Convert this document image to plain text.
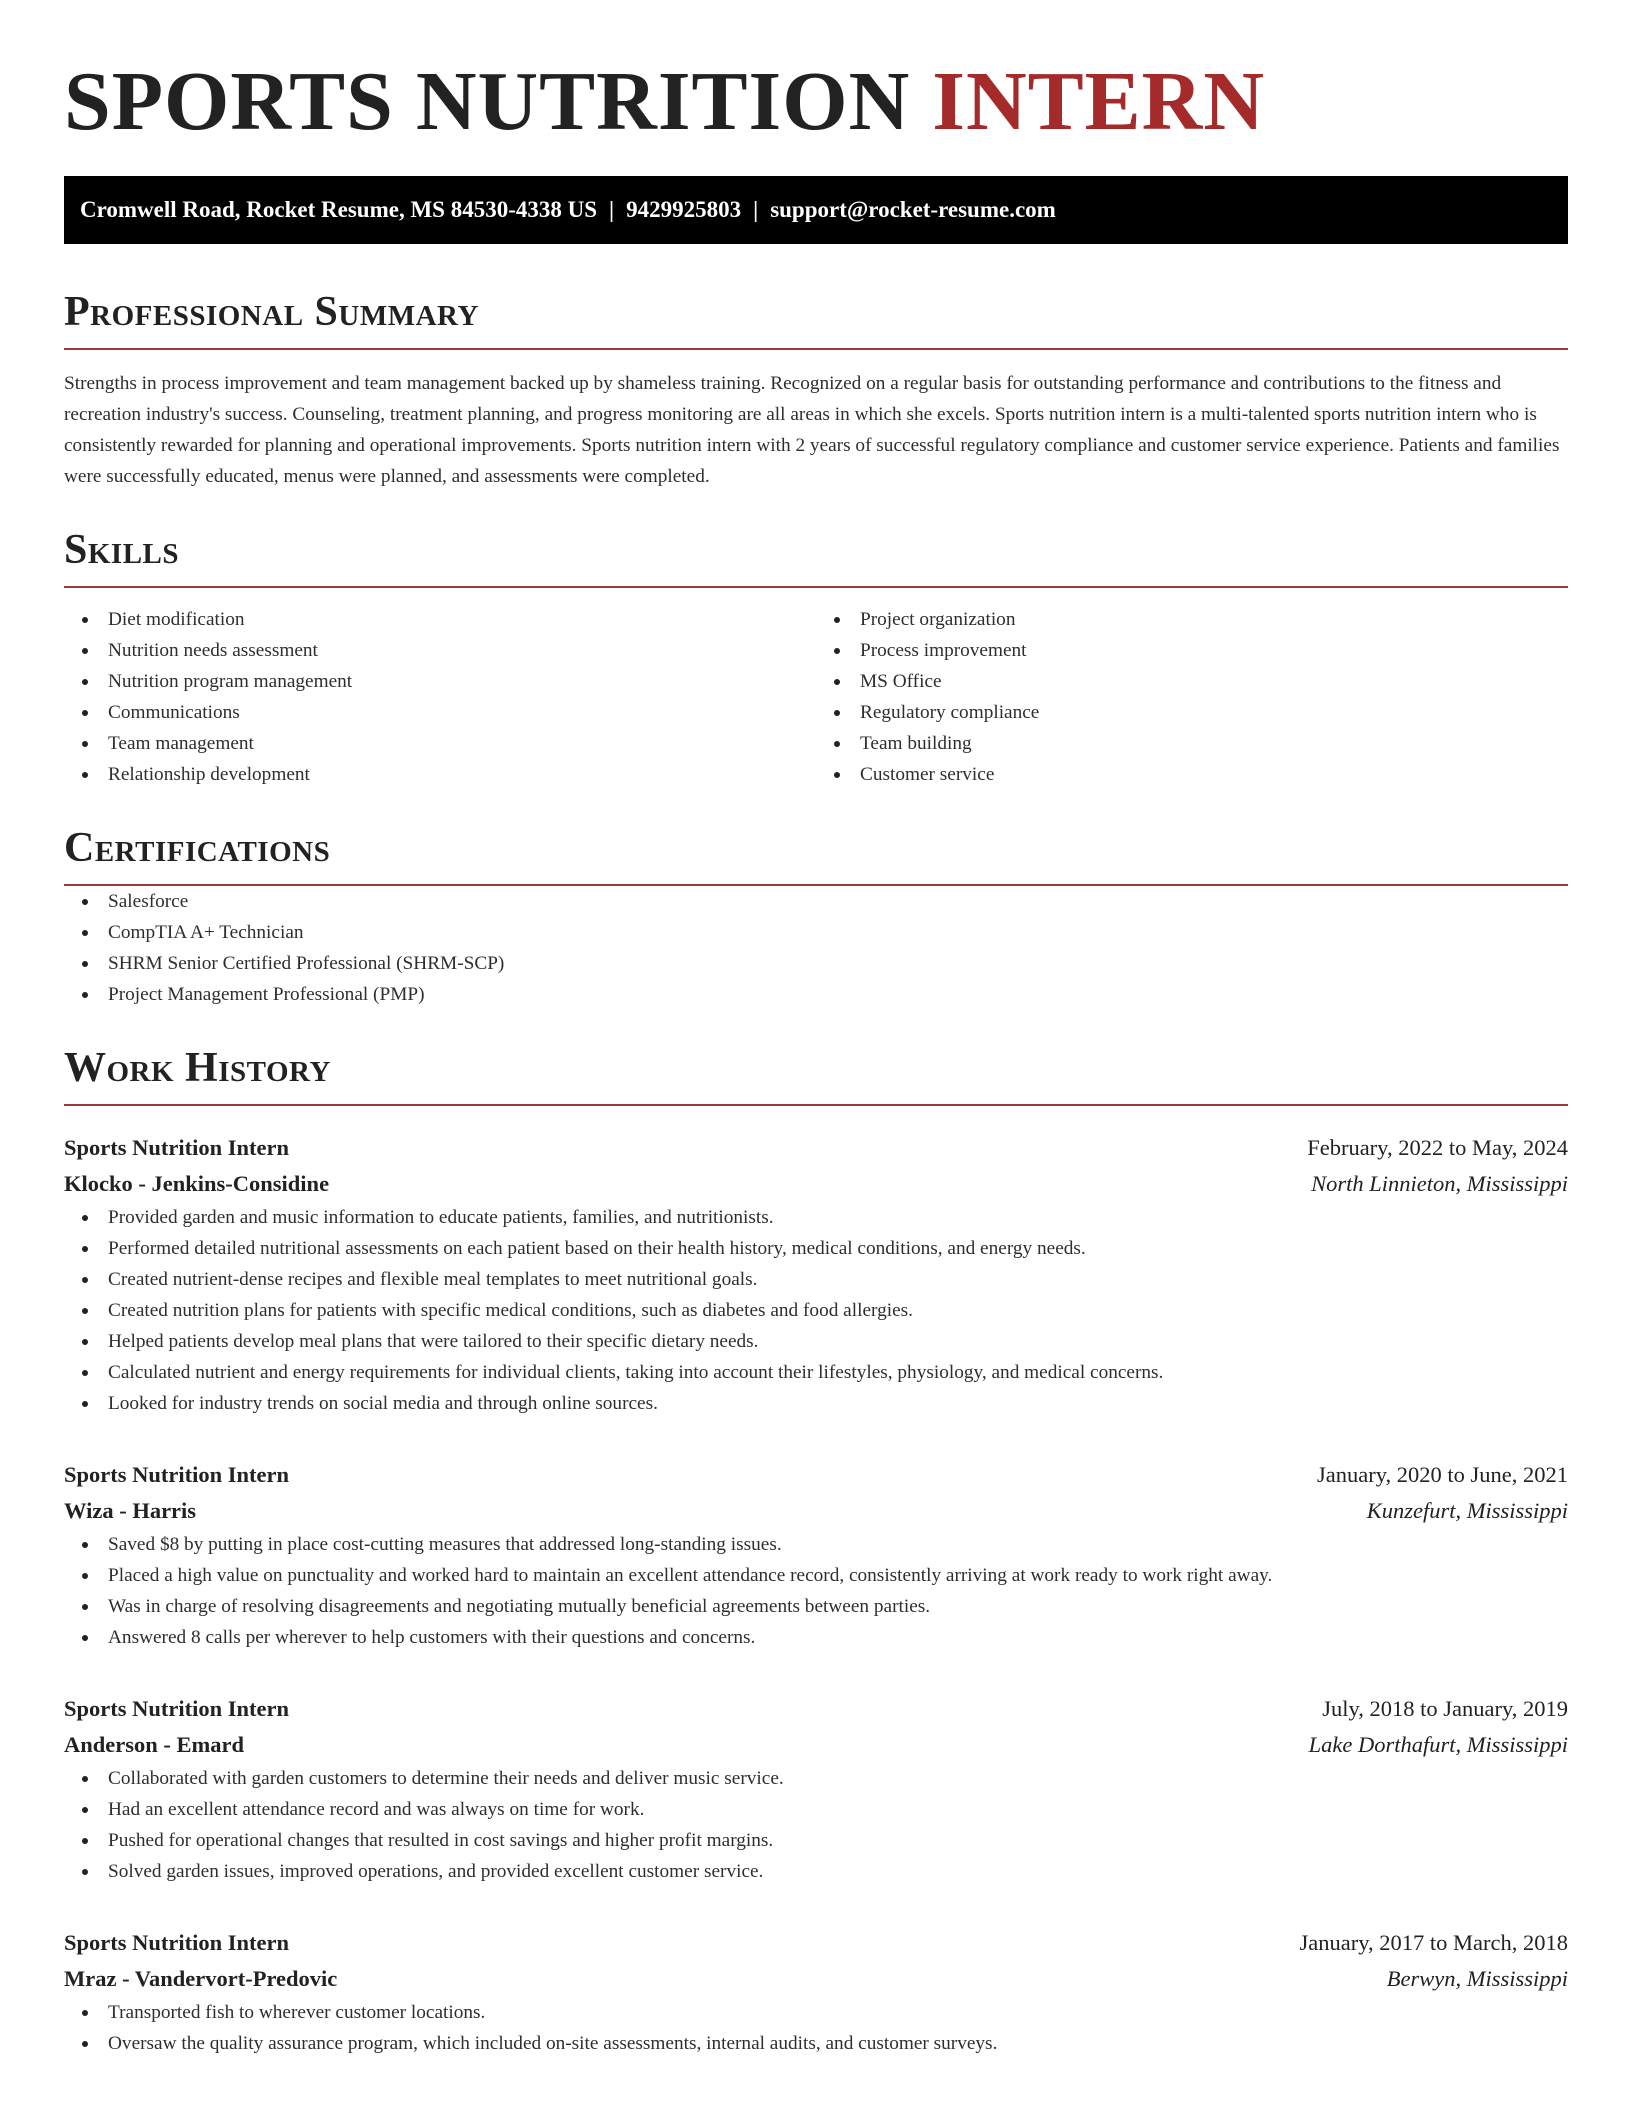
SPORTS NUTRITION INTERN
Cromwell Road, Rocket Resume, MS 84530-4338 US | 9429925803 | support@rocket-resume.com
Professional Summary

Strengths in process improvement and team management backed up by shameless training. Recognized on a regular basis for outstanding performance and contributions to the fitness and recreation industry's success. Counseling, treatment planning, and progress monitoring are all areas in which she excels. Sports nutrition intern is a multi-talented sports nutrition intern who is consistently rewarded for planning and operational improvements. Sports nutrition intern with 2 years of successful regulatory compliance and customer service experience. Patients and families were successfully educated, menus were planned, and assessments were completed.

Skills
Diet modification
Nutrition needs assessment
Nutrition program management
Communications
Team management
Relationship development
Project organization
Process improvement
MS Office
Regulatory compliance
Team building
Customer service
Certifications
Salesforce
CompTIA A+ Technician
SHRM Senior Certified Professional (SHRM-SCP)
Project Management Professional (PMP)
Work History
Sports Nutrition Intern	February, 2022 to May, 2024
Klocko - Jenkins-Considine	North Linnieton, Mississippi
Provided garden and music information to educate patients, families, and nutritionists.
Performed detailed nutritional assessments on each patient based on their health history, medical conditions, and energy needs.
Created nutrient-dense recipes and flexible meal templates to meet nutritional goals.
Created nutrition plans for patients with specific medical conditions, such as diabetes and food allergies.
Helped patients develop meal plans that were tailored to their specific dietary needs.
Calculated nutrient and energy requirements for individual clients, taking into account their lifestyles, physiology, and medical concerns.
Looked for industry trends on social media and through online sources.
Sports Nutrition Intern	January, 2020 to June, 2021
Wiza - Harris	Kunzefurt, Mississippi
Saved $8 by putting in place cost-cutting measures that addressed long-standing issues.
Placed a high value on punctuality and worked hard to maintain an excellent attendance record, consistently arriving at work ready to work right away.
Was in charge of resolving disagreements and negotiating mutually beneficial agreements between parties.
Answered 8 calls per wherever to help customers with their questions and concerns.
Sports Nutrition Intern	July, 2018 to January, 2019
Anderson - Emard	Lake Dorthafurt, Mississippi
Collaborated with garden customers to determine their needs and deliver music service.
Had an excellent attendance record and was always on time for work.
Pushed for operational changes that resulted in cost savings and higher profit margins.
Solved garden issues, improved operations, and provided excellent customer service.
Sports Nutrition Intern	January, 2017 to March, 2018
Mraz - Vandervort-Predovic	Berwyn, Mississippi
Transported fish to wherever customer locations.
Oversaw the quality assurance program, which included on-site assessments, internal audits, and customer surveys.
